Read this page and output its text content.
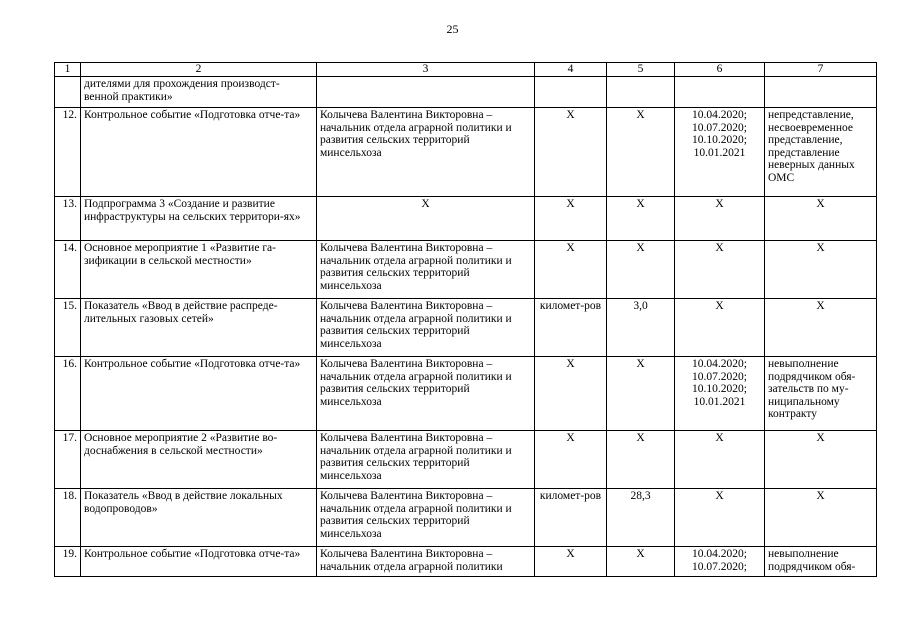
25
1	2	3	4	5	6	7
	дителями для прохождения производст-венной практики»					
12.	Контрольное событие «Подготовка отче-та»	Колычева Валентина Викторовна – начальник отдела аграрной политики и развития сельских территорий минсельхоза	Х	Х	10.04.2020; 10.07.2020; 10.10.2020; 10.01.2021	непредставление, несвоевременное представление, представление неверных данных ОМС
13.	Подпрограмма 3 «Создание и развитие инфраструктуры на сельских территори-ях»	Х	Х	Х	Х	Х
14.	Основное мероприятие 1 «Развитие га-зификации в сельской местности»	Колычева Валентина Викторовна – начальник отдела аграрной политики и развития сельских территорий минсельхоза	Х	Х	Х	Х
15.	Показатель «Ввод в действие распреде-лительных газовых сетей»	Колычева Валентина Викторовна – начальник отдела аграрной политики и развития сельских территорий минсельхоза	километ-ров	3,0	Х	Х
16.	Контрольное событие «Подготовка отче-та»	Колычева Валентина Викторовна – начальник отдела аграрной политики и развития сельских территорий минсельхоза	Х	Х	10.04.2020; 10.07.2020; 10.10.2020; 10.01.2021	невыполнение подрядчиком обя-зательств по му-ниципальному контракту
17.	Основное мероприятие 2 «Развитие во-доснабжения в сельской местности»	Колычева Валентина Викторовна – начальник отдела аграрной политики и развития сельских территорий минсельхоза	Х	Х	Х	Х
18.	Показатель «Ввод в действие локальных водопроводов»	Колычева Валентина Викторовна – начальник отдела аграрной политики и развития сельских территорий минсельхоза	километ-ров	28,3	Х	Х
19.	Контрольное событие «Подготовка отче-та»	Колычева Валентина Викторовна – начальник отдела аграрной политики	Х	Х	10.04.2020; 10.07.2020;	невыполнение подрядчиком обя-
